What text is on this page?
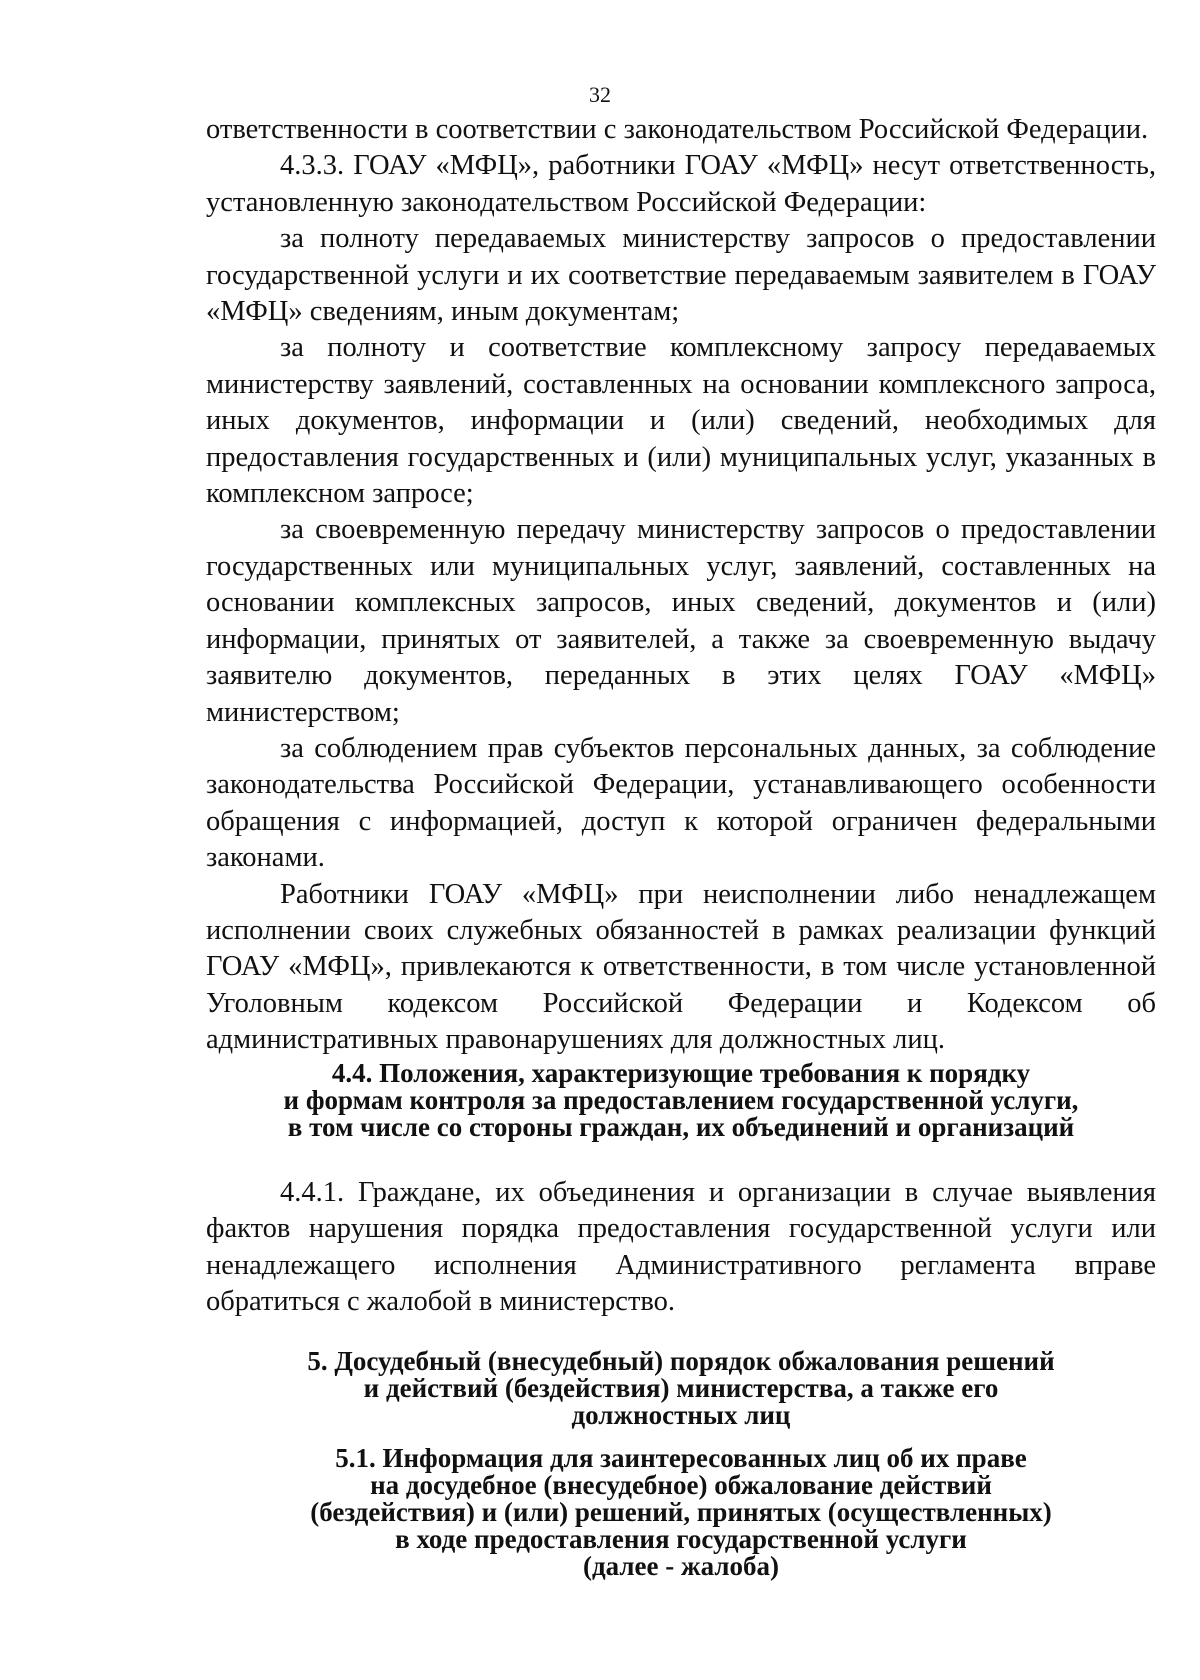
32

ответственности в соответствии с законодательством Российской Федерации.

4.3.3. ГОАУ «МФЦ», работники ГОАУ «МФЦ» несут ответственность, установленную законодательством Российской Федерации:

за полноту передаваемых министерству запросов о предоставлении государственной услуги и их соответствие передаваемым заявителем в ГОАУ «МФЦ» сведениям, иным документам;

за полноту и соответствие комплексному запросу передаваемых министерству заявлений, составленных на основании комплексного запроса, иных документов, информации и (или) сведений, необходимых для предоставления государственных и (или) муниципальных услуг, указанных в комплексном запросе;

за своевременную передачу министерству запросов о предоставлении государственных или муниципальных услуг, заявлений, составленных на основании комплексных запросов, иных сведений, документов и (или) информации, принятых от заявителей, а также за своевременную выдачу заявителю документов, переданных в этих целях ГОАУ «МФЦ» министерством;

за соблюдением прав субъектов персональных данных, за соблюдение законодательства Российской Федерации, устанавливающего особенности обращения с информацией, доступ к которой ограничен федеральными законами.

Работники ГОАУ «МФЦ» при неисполнении либо ненадлежащем исполнении своих служебных обязанностей в рамках реализации функций ГОАУ «МФЦ», привлекаются к ответственности, в том числе установленной Уголовным кодексом Российской Федерации и Кодексом об административных правонарушениях для должностных лиц.

4.4. Положения, характеризующие требования к порядку
и формам контроля за предоставлением государственной услуги,
в том числе со стороны граждан, их объединений и организаций

4.4.1. Граждане, их объединения и организации в случае выявления фактов нарушения порядка предоставления государственной услуги или ненадлежащего исполнения Административного регламента вправе обратиться с жалобой в министерство.

5. Досудебный (внесудебный) порядок обжалования решений
и действий (бездействия) министерства, а также его
должностных лиц
5.1. Информация для заинтересованных лиц об их праве
на досудебное (внесудебное) обжалование действий
(бездействия) и (или) решений, принятых (осуществленных)
в ходе предоставления государственной услуги
(далее - жалоба)
